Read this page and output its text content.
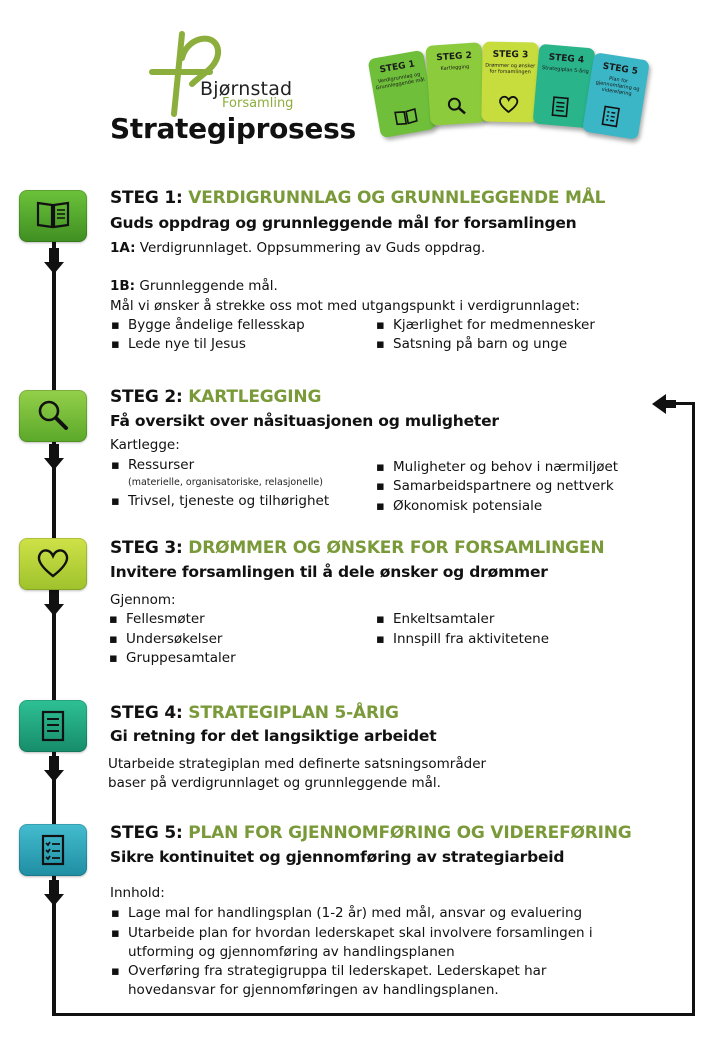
Bjørnstad
Forsamling
Strategiprosess
STEG 1
Verdigrunnlag og Grunnleggende mål
STEG 2
Kartlegging
STEG 3
Drømmer og ønsker for forsamlingen
STEG 4
Strategiplan 5-årig	STEG 5
Plan for gjennomføring og videreføring
STEG 1: VERDIGRUNNLAG OG GRUNNLEGGENDE MÅL
Guds oppdrag og grunnleggende mål for forsamlingen
1A: Verdigrunnlaget. Oppsummering av Guds oppdrag.
1B: Grunnleggende mål.
Mål vi ønsker å strekke oss mot med utgangspunkt i verdigrunnlaget:
▪ Bygge åndelige fellesskap
▪ Lede nye til Jesus
▪ Kjærlighet for medmennesker
▪ Satsning på barn og unge
STEG 2: KARTLEGGING
Få oversikt over nåsituasjonen og muligheter
Kartlegge:
▪ Ressurser
(materielle, organisatoriske, relasjonelle)
▪ Trivsel, tjeneste og tilhørighet
▪ Muligheter og behov i nærmiljøet
▪ Samarbeidspartnere og nettverk
▪ Økonomisk potensiale
STEG 3: DRØMMER OG ØNSKER FOR FORSAMLINGEN
Invitere forsamlingen til å dele ønsker og drømmer
Gjennom:
▪ Fellesmøter
▪ Undersøkelser
▪ Gruppesamtaler
▪ Enkeltsamtaler
▪ Innspill fra aktivitetene
STEG 4: STRATEGIPLAN 5-ÅRIG
Gi retning for det langsiktige arbeidet
Utarbeide strategiplan med definerte satsningsområder
baser på verdigrunnlaget og grunnleggende mål.
STEG 5: PLAN FOR GJENNOMFØRING OG VIDEREFØRING
Sikre kontinuitet og gjennomføring av strategiarbeid
Innhold:
▪ Lage mal for handlingsplan (1-2 år) med mål, ansvar og evaluering
▪ Utarbeide plan for hvordan lederskapet skal involvere forsamlingen i
utforming og gjennomføring av handlingsplanen
▪ Overføring fra strategigruppa til lederskapet. Lederskapet har
hovedansvar for gjennomføringen av handlingsplanen.
